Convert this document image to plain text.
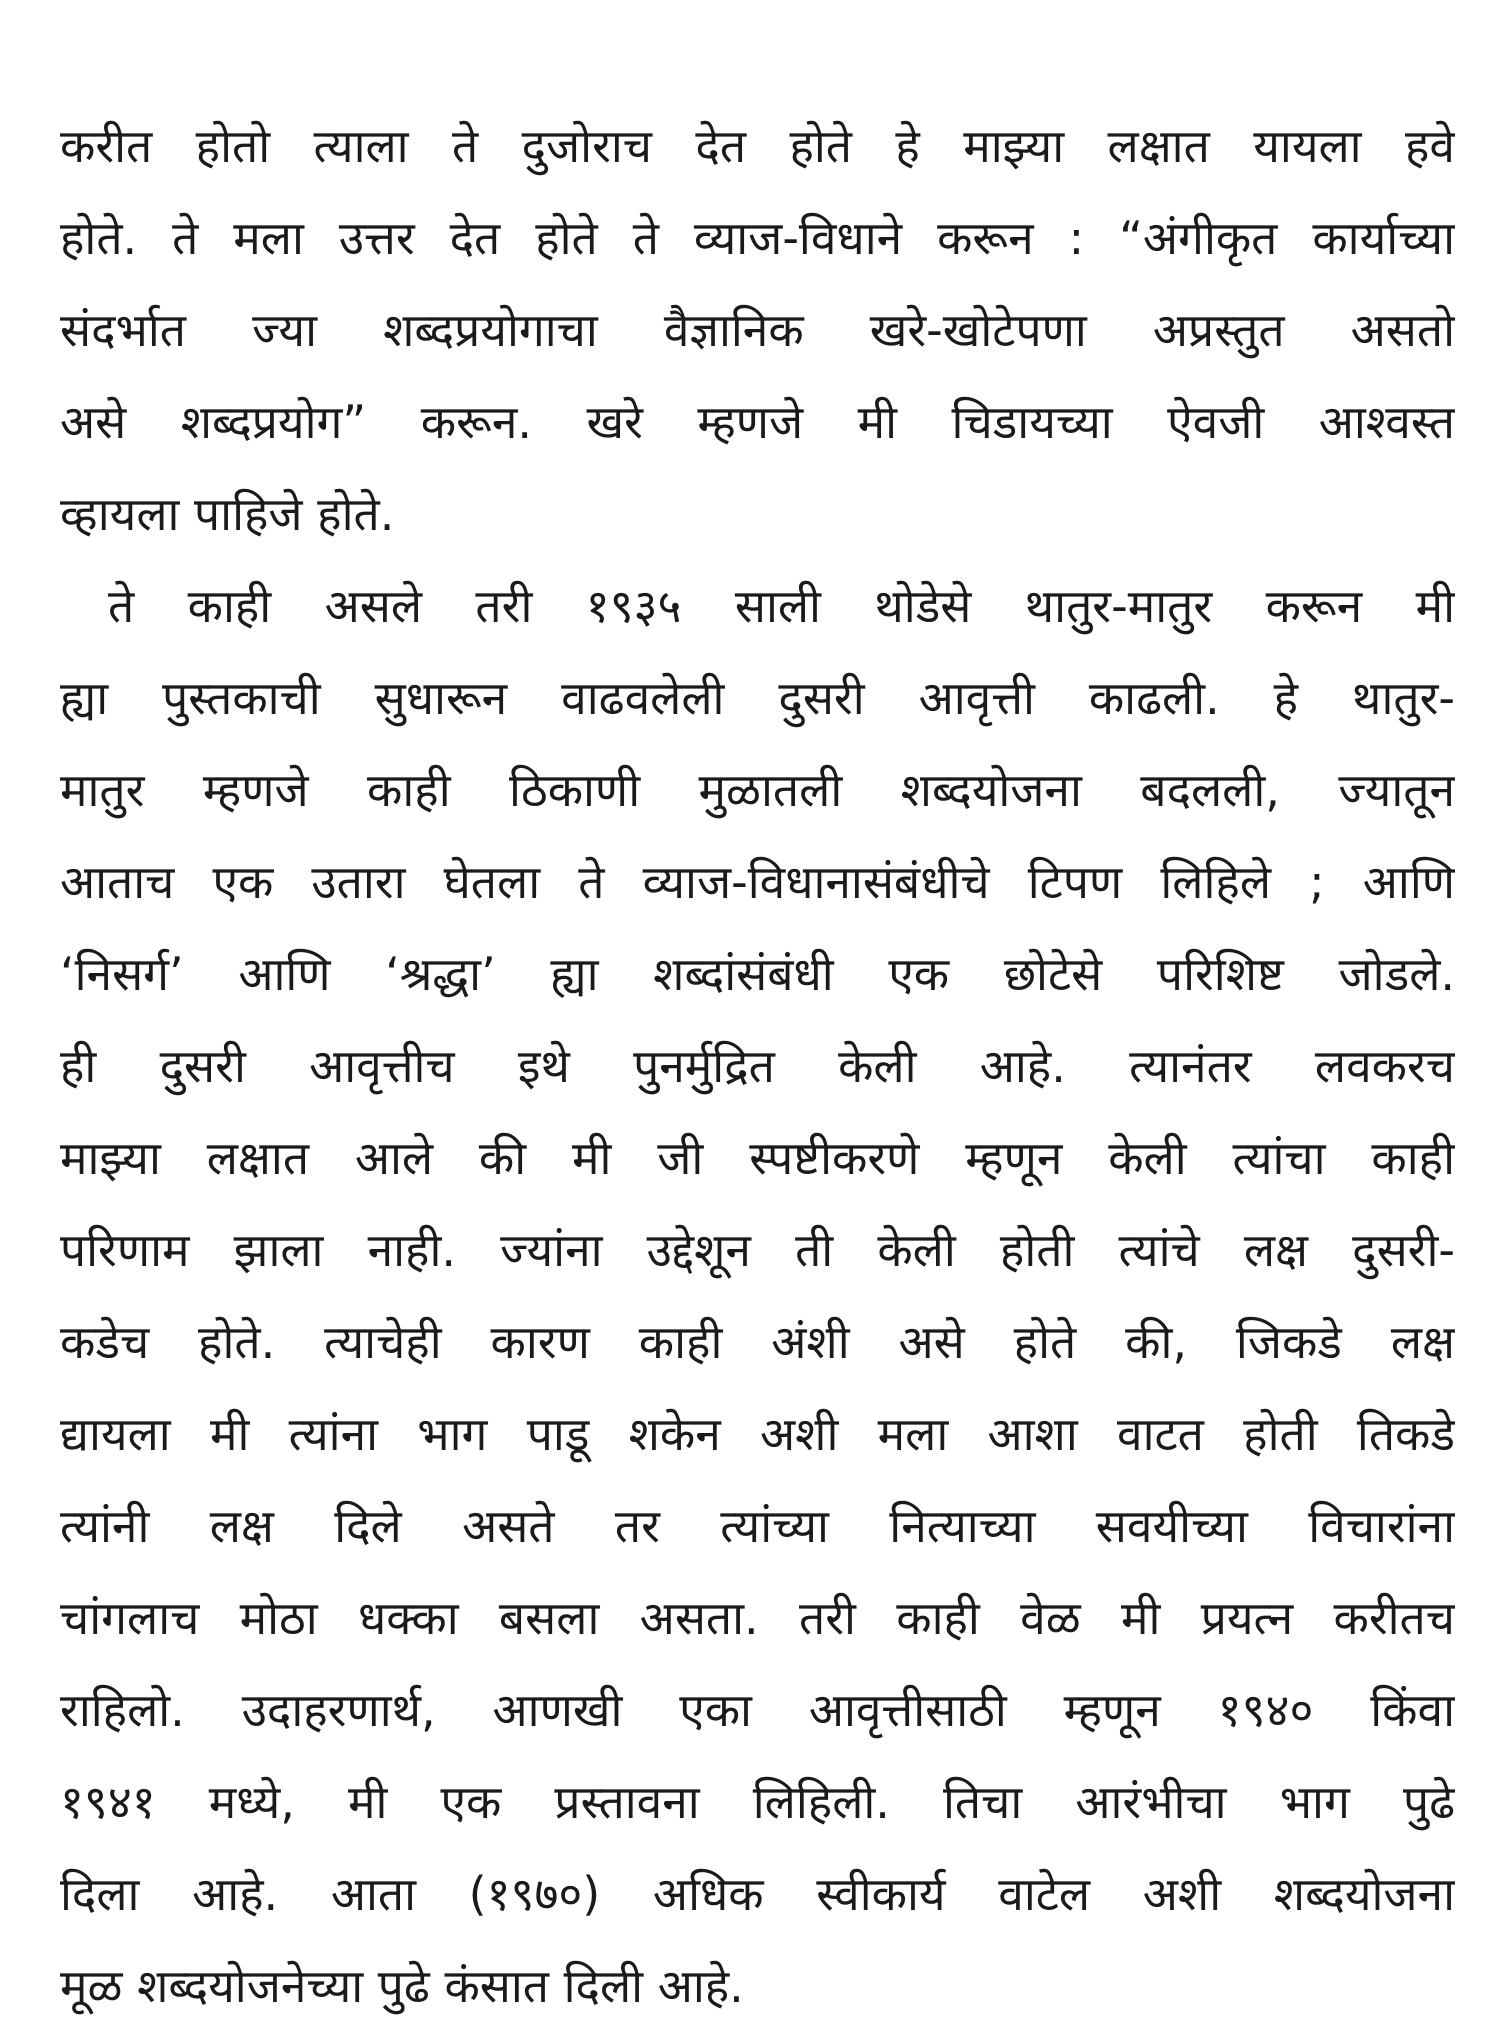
करीत होतो त्याला ते दुजोराच देत होते हे माझ्या लक्षात यायला हवे
होते. ते मला उत्तर देत होते ते व्याज-विधाने करून : “अंगीकृत कार्याच्या
संदर्भात ज्या शब्दप्रयोगाचा वैज्ञानिक खरे-खोटेपणा अप्रस्तुत असतो
असे शब्दप्रयोग” करून. खरे म्हणजे मी चिडायच्या ऐवजी आश्वस्त
व्हायला पाहिजे होते.
ते काही असले तरी १९३५ साली थोडेसे थातुर-मातुर करून मी
ह्या पुस्तकाची सुधारून वाढवलेली दुसरी आवृत्ती काढली. हे थातुर-
मातुर म्हणजे काही ठिकाणी मुळातली शब्दयोजना बदलली, ज्यातून
आताच एक उतारा घेतला ते व्याज-विधानासंबंधीचे टिपण लिहिले ; आणि
‘निसर्ग’ आणि ‘श्रद्धा’ ह्या शब्दांसंबंधी एक छोटेसे परिशिष्ट जोडले.
ही दुसरी आवृत्तीच इथे पुनर्मुद्रित केली आहे. त्यानंतर लवकरच
माझ्या लक्षात आले की मी जी स्पष्टीकरणे म्हणून केली त्यांचा काही
परिणाम झाला नाही. ज्यांना उद्देशून ती केली होती त्यांचे लक्ष दुसरी-
कडेच होते. त्याचेही कारण काही अंशी असे होते की, जिकडे लक्ष
द्यायला मी त्यांना भाग पाडू शकेन अशी मला आशा वाटत होती तिकडे
त्यांनी लक्ष दिले असते तर त्यांच्या नित्याच्या सवयीच्या विचारांना
चांगलाच मोठा धक्का बसला असता. तरी काही वेळ मी प्रयत्न करीतच
राहिलो. उदाहरणार्थ, आणखी एका आवृत्तीसाठी म्हणून १९४० किंवा
१९४१ मध्ये, मी एक प्रस्तावना लिहिली. तिचा आरंभीचा भाग पुढे
दिला आहे. आता (१९७०) अधिक स्वीकार्य वाटेल अशी शब्दयोजना
मूळ शब्दयोजनेच्या पुढे कंसात दिली आहे.
